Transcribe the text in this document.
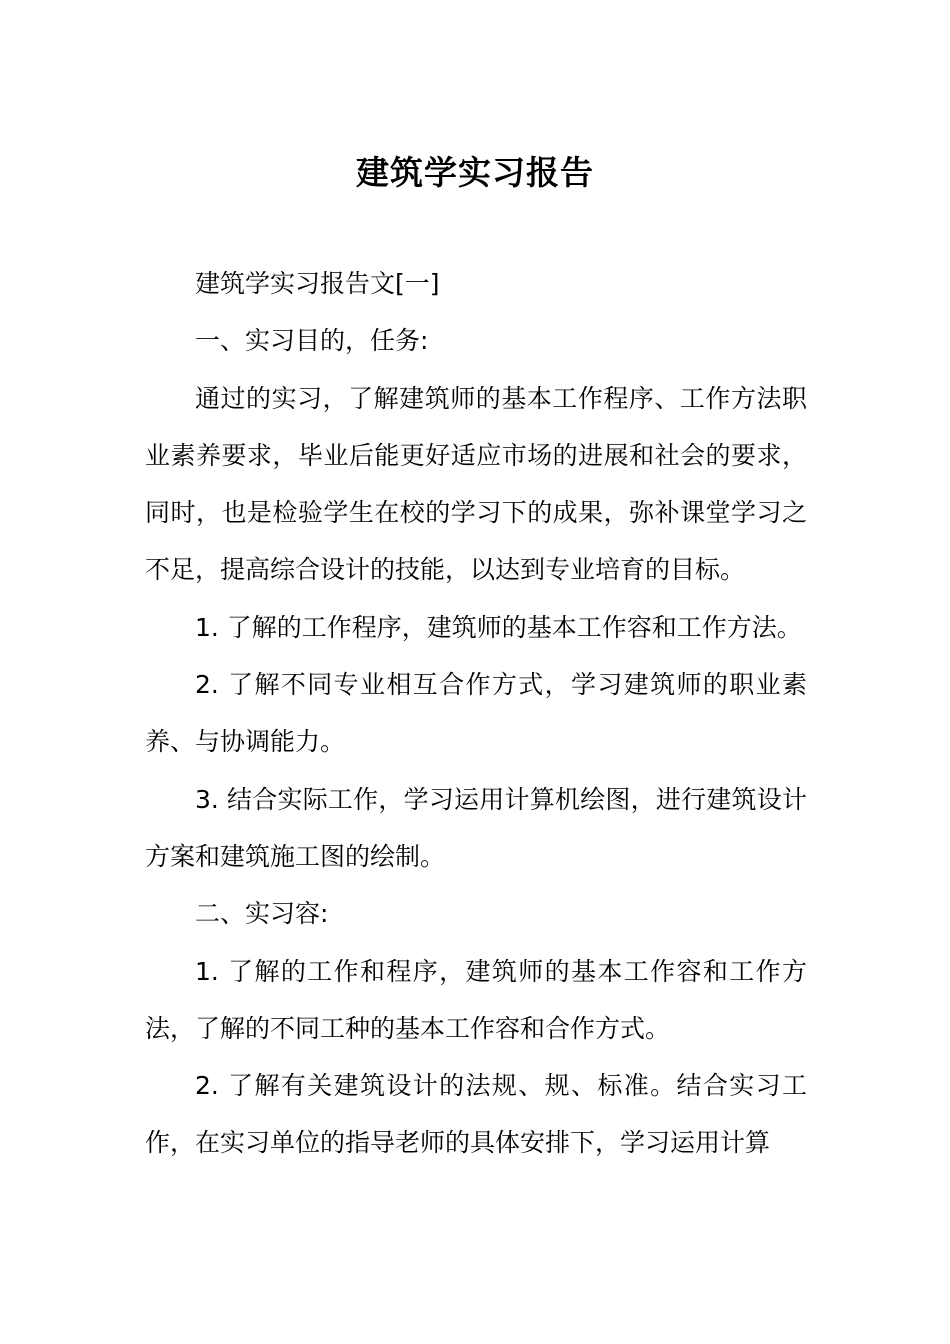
建筑学实习报告

建筑学实习报告文[一]

一、实习目的，任务:

通过的实习，了解建筑师的基本工作程序、工作方法职业素养要求，毕业后能更好适应市场的进展和社会的要求，同时，也是检验学生在校的学习下的成果，弥补课堂学习之不足，提高综合设计的技能，以达到专业培育的目标。

1. 了解的工作程序，建筑师的基本工作容和工作方法。

2. 了解不同专业相互合作方式，学习建筑师的职业素养、与协调能力。

3. 结合实际工作，学习运用计算机绘图，进行建筑设计方案和建筑施工图的绘制。

二、实习容:

1. 了解的工作和程序，建筑师的基本工作容和工作方法，了解的不同工种的基本工作容和合作方式。

2. 了解有关建筑设计的法规、规、标准。结合实习工作，在实习单位的指导老师的具体安排下，学习运用计算
